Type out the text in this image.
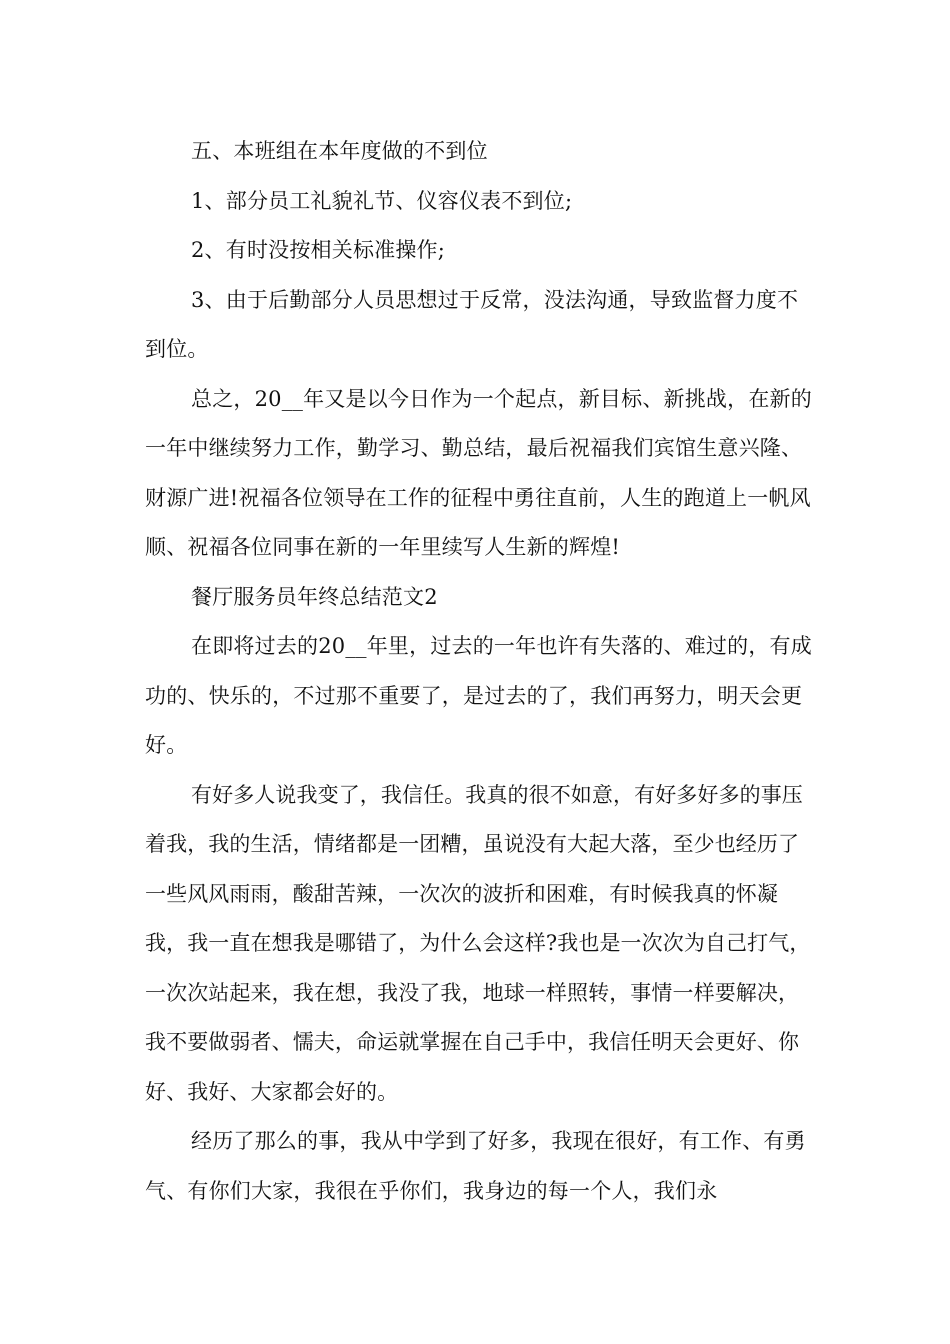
五、本班组在本年度做的不到位

1、部分员工礼貌礼节、仪容仪表不到位;

2、有时没按相关标准操作;

3、由于后勤部分人员思想过于反常，没法沟通，导致监督力度不到位。

总之，20__年又是以今日作为一个起点，新目标、新挑战，在新的一年中继续努力工作，勤学习、勤总结，最后祝福我们宾馆生意兴隆、财源广进!祝福各位领导在工作的征程中勇往直前，人生的跑道上一帆风顺、祝福各位同事在新的一年里续写人生新的辉煌!

餐厅服务员年终总结范文2

在即将过去的20__年里，过去的一年也许有失落的、难过的，有成功的、快乐的，不过那不重要了，是过去的了，我们再努力，明天会更好。

有好多人说我变了，我信任。我真的很不如意，有好多好多的事压着我，我的生活，情绪都是一团糟，虽说没有大起大落，至少也经历了一些风风雨雨，酸甜苦辣，一次次的波折和困难，有时候我真的怀凝我，我一直在想我是哪错了，为什么会这样?我也是一次次为自己打气，一次次站起来，我在想，我没了我，地球一样照转，事情一样要解决，我不要做弱者、懦夫，命运就掌握在自己手中，我信任明天会更好、你好、我好、大家都会好的。

经历了那么的事，我从中学到了好多，我现在很好，有工作、有勇气、有你们大家，我很在乎你们，我身边的每一个人，我们永
